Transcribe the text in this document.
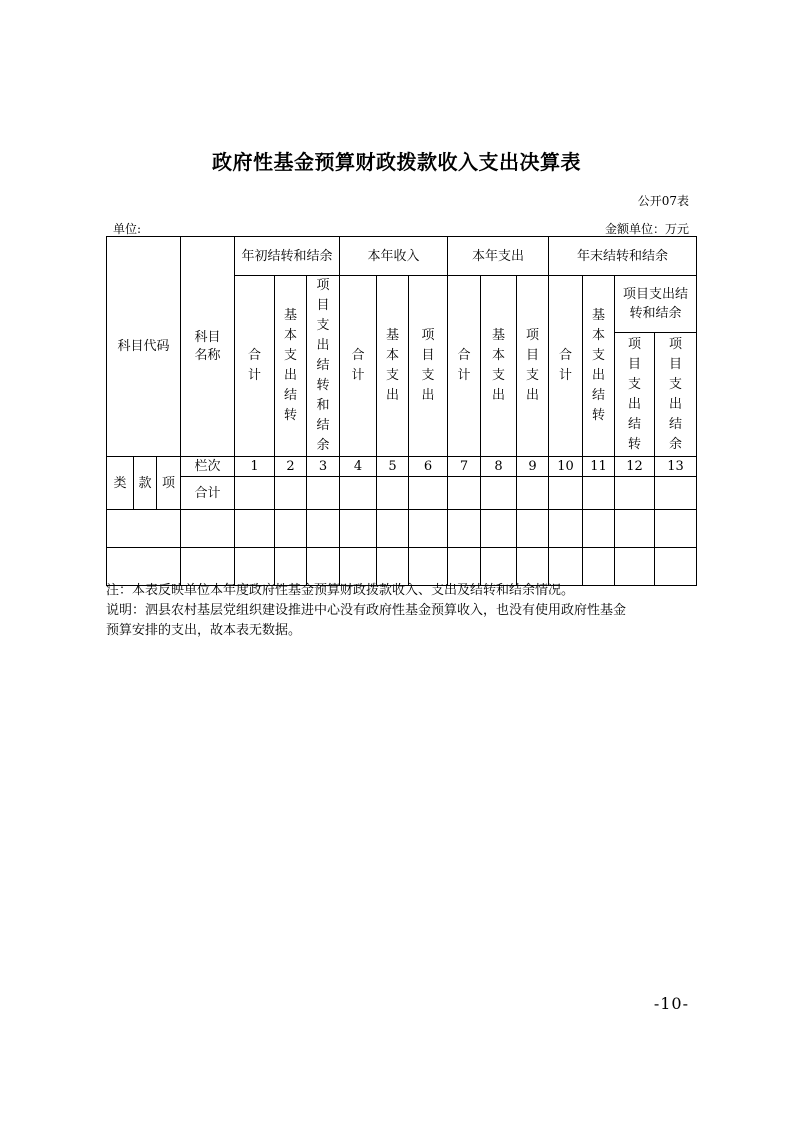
政府性基金预算财政拨款收入支出决算表
公开07表
单位:	金额单位：万元
科目代码			科目名称	年初结转和结余			本年收入			本年支出			年末结转和结余			
				合计	基本支出结转	项目支出结转和结余	合计	基本支出	项目支出	合计	基本支出	项目支出	合计	基本支出结转	项目支出结转和结余	
															项目支出结转	项目支出结余
类	款	项	栏次	1	2	3	4	5	6	7	8	9	10	11	12	13
			合计													

注：本表反映单位本年度政府性基金预算财政拨款收入、支出及结转和结余情况。
说明：泗县农村基层党组织建设推进中心没有政府性基金预算收入，也没有使用政府性基金
预算安排的支出，故本表无数据。
-10-
